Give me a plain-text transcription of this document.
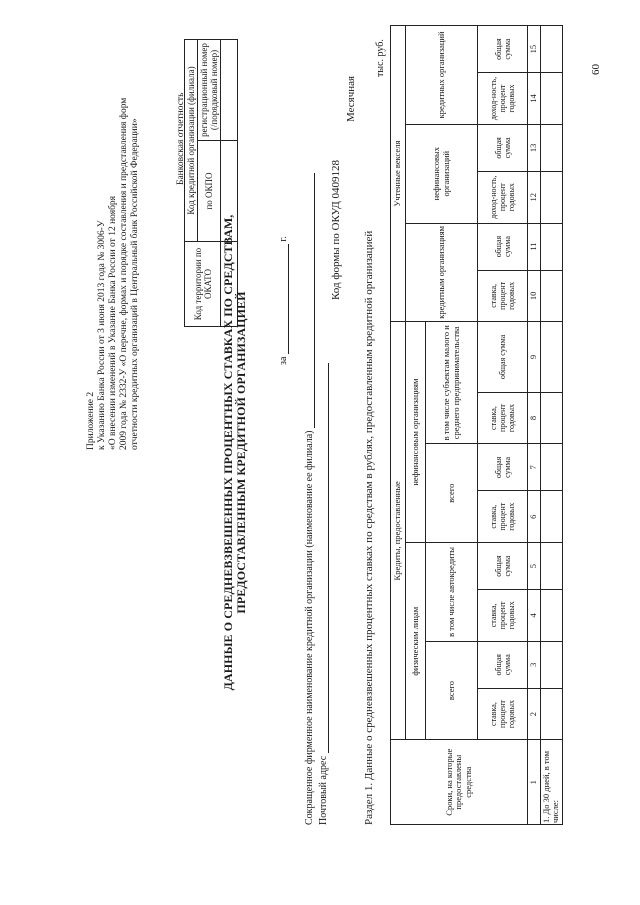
Приложение 2 к Указанию Банка России от 3 июня 2013 года № 3006-У «О внесении изменений в Указание Банка России от 12 ноября 2009 года № 2332-У «О перечне, формах и порядке составления и представления форм отчетности кредитных организаций в Центральный банк Российской Федерации»	Банковская отчетность
Код территории по ОКАТО	Код кредитной организации (филиала)	
	по ОКПО	регистрационный номер (/порядковый номер)

ДАННЫЕ О СРЕДНЕВЗВЕШЕННЫХ ПРОЦЕНТНЫХ СТАВКАХ ПО СРЕДСТВАМ, ПРЕДОСТАВЛЕННЫМ КРЕДИТНОЙ ОРГАНИЗАЦИЕЙ	за  г.
Сокращенное фирменное наименование кредитной организации (наименование ее филиала) Почтовый адрес
Код формы по ОКУД 0409128
Месячная
Раздел 1. Данные о средневзвешенных процентных ставках по средствам в рублях, предоставленным кредитной организацией
тыс. руб.
Сроки, на которые предоставлены средства	Кредиты, предоставленные								Учтенные векселя					
	физическим лицам				нефинансовым организациям				кредитным организациям		нефинансовых организаций		кредитных организаций	
	всего		в том числе автокредиты		всего		в том числе субъектам малого и среднего предпринимательства							
	ставка, процент годовых	общая сумма	ставка, процент годовых	общая сумма	ставка, процент годовых	общая сумма	ставка, процент годовых	общая сумма	ставка, процент годовых	общая сумма	доход-ность, процент годовых	общая сумма	доход-ность, процент годовых	общая сумма
1	2	3	4	5	6	7	8	9	10	11	12	13	14	15
1. До 30 дней, в том числе:														
60
